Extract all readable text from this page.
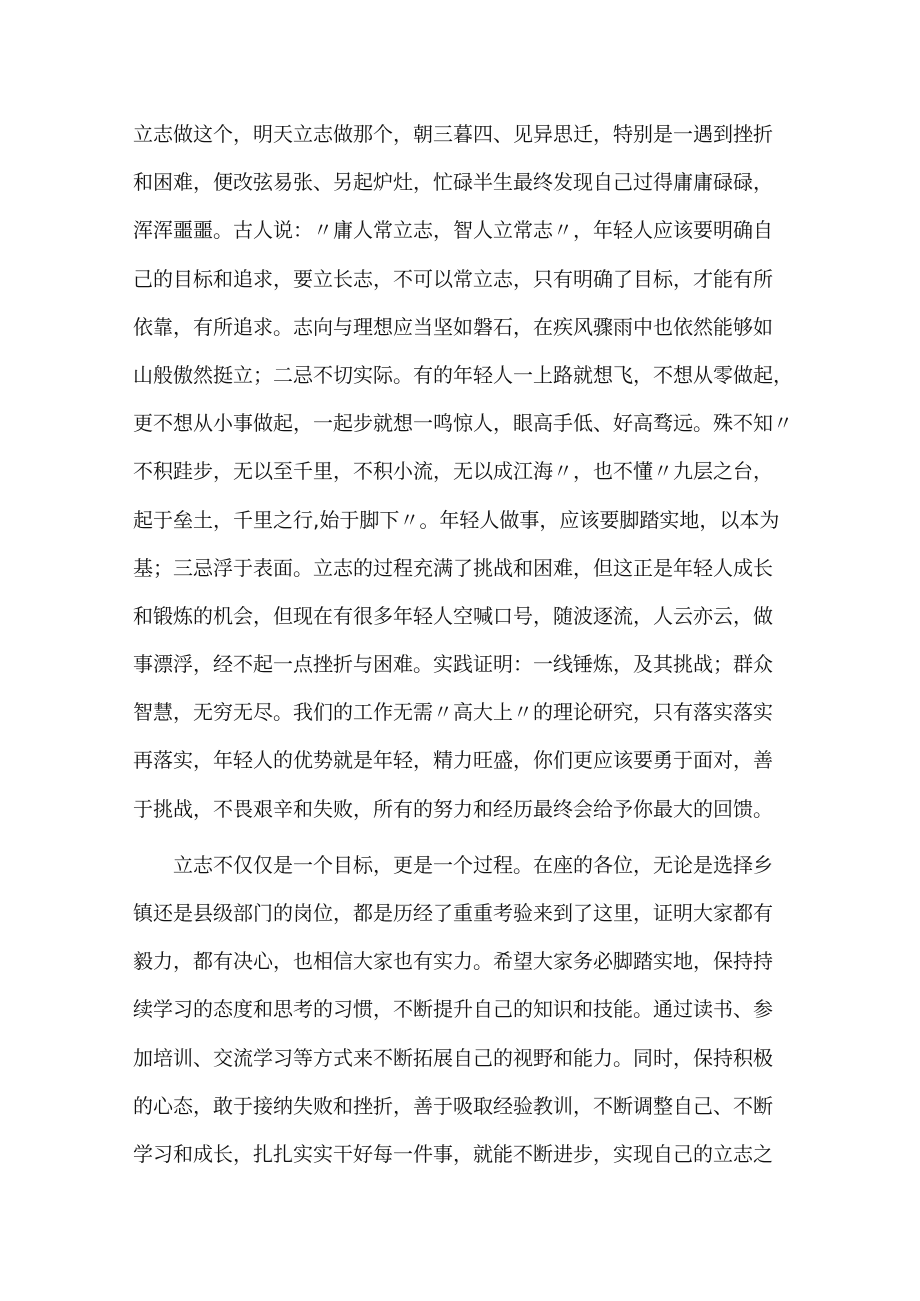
立志做这个，明天立志做那个，朝三暮四、见异思迁，特别是一遇到挫折
和困难，便改弦易张、另起炉灶，忙碌半生最终发现自己过得庸庸碌碌，
浑浑噩噩。古人说：〃庸人常立志，智人立常志〃，年轻人应该要明确自
己的目标和追求，要立长志，不可以常立志，只有明确了目标，才能有所
依靠，有所追求。志向与理想应当坚如磐石，在疾风骤雨中也依然能够如
山般傲然挺立；二忌不切实际。有的年轻人一上路就想飞，不想从零做起，
更不想从小事做起，一起步就想一鸣惊人，眼高手低、好高骛远。殊不知〃
不积跬步，无以至千里，不积小流，无以成江海〃，也不懂〃九层之台，
起于垒土，千里之行,始于脚下〃。年轻人做事，应该要脚踏实地，以本为
基；三忌浮于表面。立志的过程充满了挑战和困难，但这正是年轻人成长
和锻炼的机会，但现在有很多年轻人空喊口号，随波逐流，人云亦云，做
事漂浮，经不起一点挫折与困难。实践证明：一线锤炼，及其挑战；群众
智慧，无穷无尽。我们的工作无需〃高大上〃的理论研究，只有落实落实
再落实，年轻人的优势就是年轻，精力旺盛，你们更应该要勇于面对，善
于挑战，不畏艰辛和失败，所有的努力和经历最终会给予你最大的回馈。
立志不仅仅是一个目标，更是一个过程。在座的各位，无论是选择乡
镇还是县级部门的岗位，都是历经了重重考验来到了这里，证明大家都有
毅力，都有决心，也相信大家也有实力。希望大家务必脚踏实地，保持持
续学习的态度和思考的习惯，不断提升自己的知识和技能。通过读书、参
加培训、交流学习等方式来不断拓展自己的视野和能力。同时，保持积极
的心态，敢于接纳失败和挫折，善于吸取经验教训，不断调整自己、不断
学习和成长，扎扎实实干好每一件事，就能不断进步，实现自己的立志之
